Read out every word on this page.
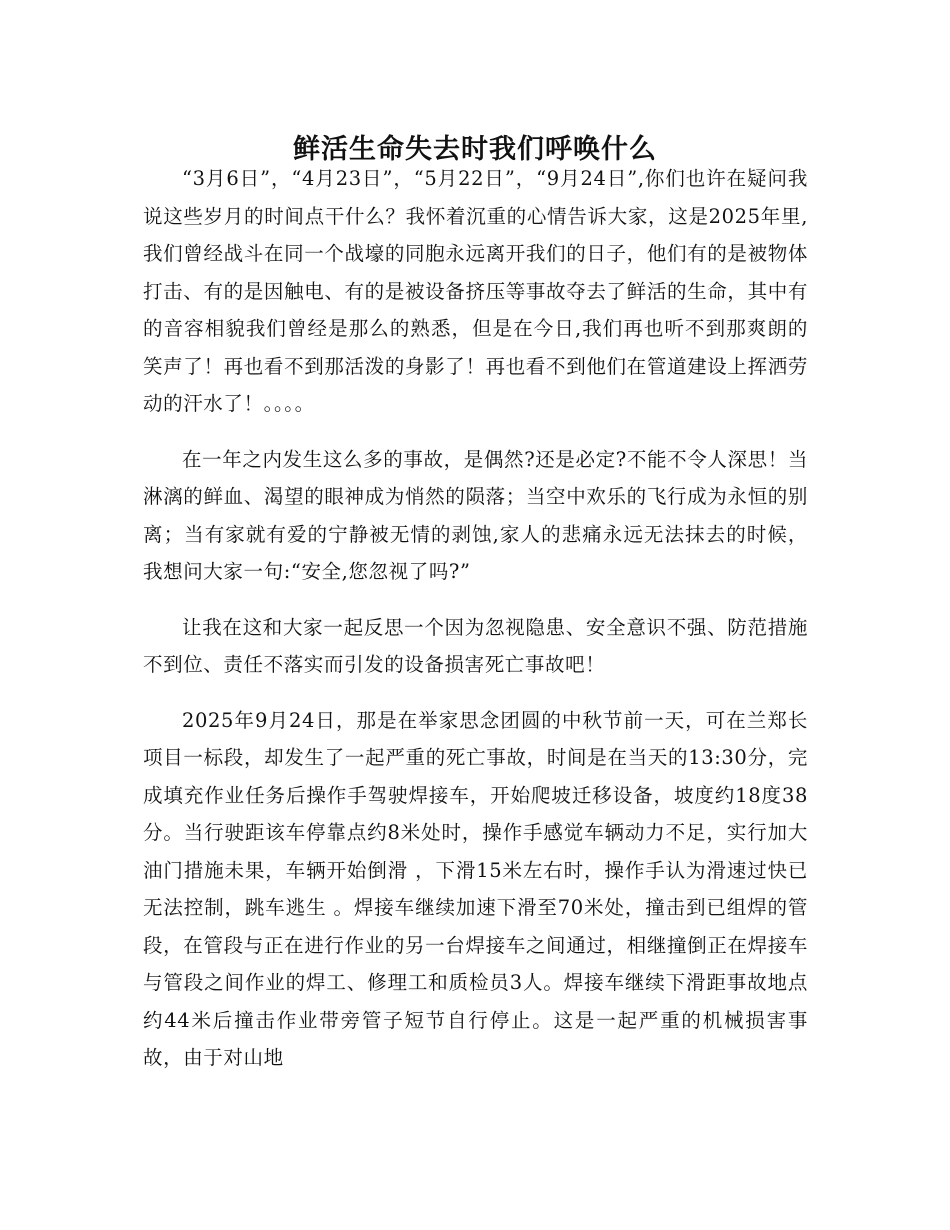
鲜活生命失去时我们呼唤什么

“3月6日”，“4月23日”，“5月22日”，“9月24日”,你们也许在疑问我说这些岁月的时间点干什么？我怀着沉重的心情告诉大家，这是2025年里,我们曾经战斗在同一个战壕的同胞永远离开我们的日子，他们有的是被物体打击、有的是因触电、有的是被设备挤压等事故夺去了鲜活的生命，其中有的音容相貌我们曾经是那么的熟悉，但是在今日,我们再也听不到那爽朗的笑声了！再也看不到那活泼的身影了！再也看不到他们在管道建设上挥洒劳动的汗水了！。。。。

在一年之内发生这么多的事故，是偶然?还是必定?不能不令人深思！当淋漓的鲜血、渴望的眼神成为悄然的陨落；当空中欢乐的飞行成为永恒的别离；当有家就有爱的宁静被无情的剥蚀,家人的悲痛永远无法抹去的时候，我想问大家一句:“安全,您忽视了吗?”

让我在这和大家一起反思一个因为忽视隐患、安全意识不强、防范措施不到位、责任不落实而引发的设备损害死亡事故吧！

2025年9月24日，那是在举家思念团圆的中秋节前一天，可在兰郑长项目一标段，却发生了一起严重的死亡事故，时间是在当天的13:30分，完成填充作业任务后操作手驾驶焊接车，开始爬坡迁移设备，坡度约18度38分。当行驶距该车停靠点约8米处时，操作手感觉车辆动力不足，实行加大油门措施未果，车辆开始倒滑 ，下滑15米左右时，操作手认为滑速过快已无法控制，跳车逃生 。焊接车继续加速下滑至70米处，撞击到已组焊的管段，在管段与正在进行作业的另一台焊接车之间通过，相继撞倒正在焊接车与管段之间作业的焊工、修理工和质检员3人。焊接车继续下滑距事故地点约44米后撞击作业带旁管子短节自行停止。这是一起严重的机械损害事故，由于对山地
